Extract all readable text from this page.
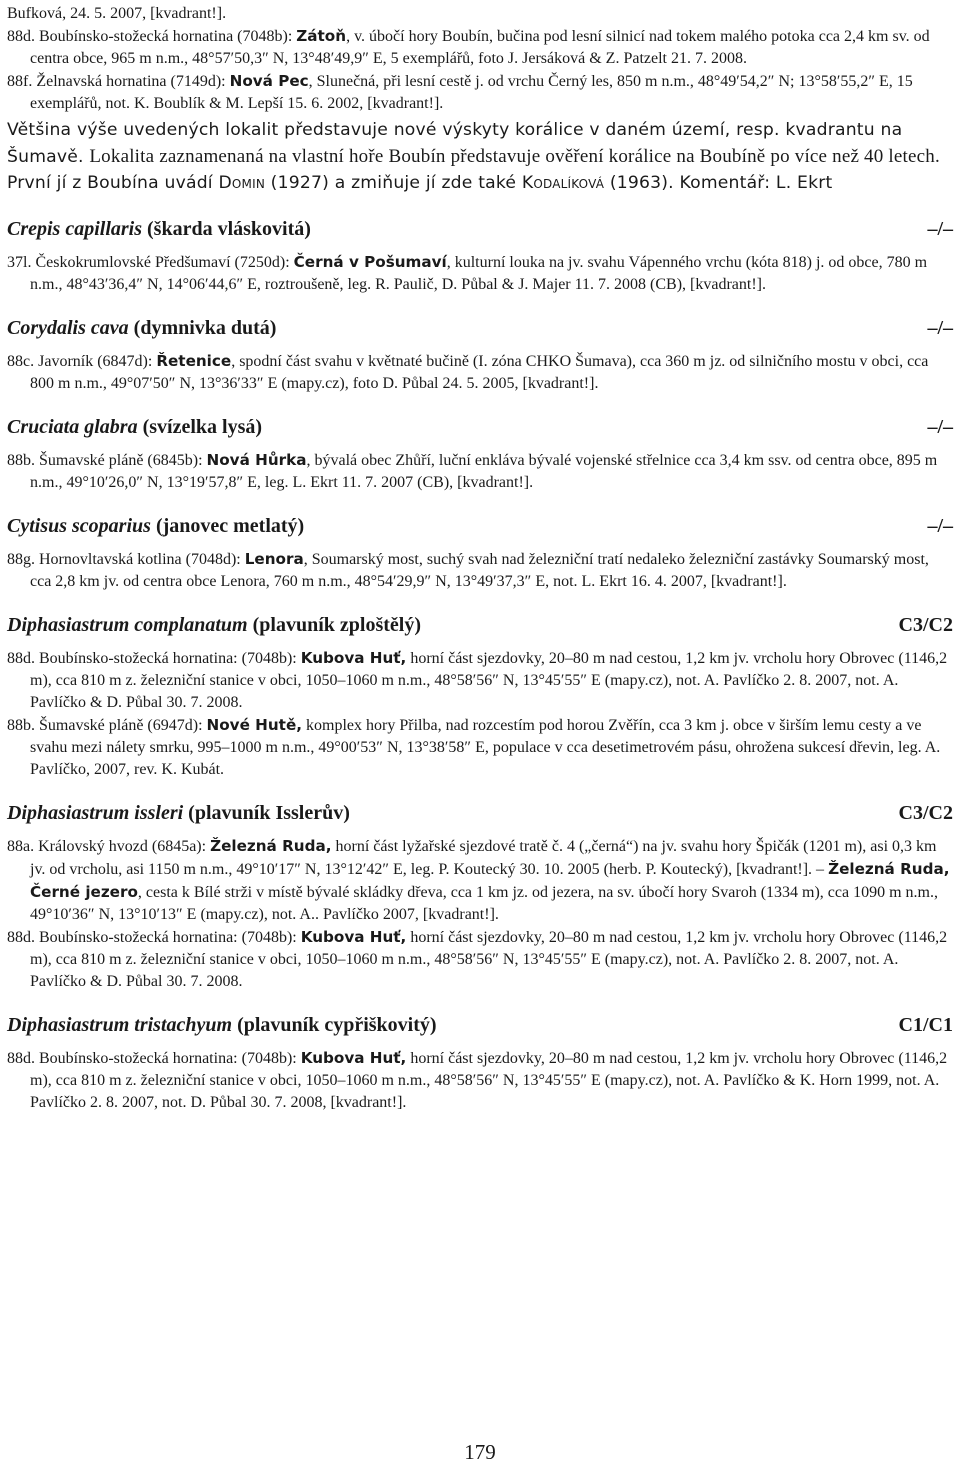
Bufková, 24. 5. 2007, [kvadrant!].

88d. Boubínsko-stožecká hornatina (7048b): Zátoň, v. úbočí hory Boubín, bučina pod lesní silnicí nad tokem malého potoka cca 2,4 km sv. od centra obce, 965 m n.m., 48°57′50,3″ N, 13°48′49,9″ E, 5 exemplářů, foto J. Jersáková & Z. Patzelt 21. 7. 2008.

88f. Želnavská hornatina (7149d): Nová Pec, Slunečná, při lesní cestě j. od vrchu Černý les, 850 m n.m., 48°49′54,2″ N; 13°58′55,2″ E, 15 exemplářů, not. K. Boublík & M. Lepší 15. 6. 2002, [kvadrant!].

Většina výše uvedených lokalit představuje nové výskyty korálice v daném území, resp. kvadrantu na Šumavě. Lokalita zaznamenaná na vlastní hoře Boubín představuje ověření korálice na Boubíně po více než 40 letech. První jí z Boubína uvádí Domin (1927) a zmiňuje jí zde také Kodalíková (1963). Komentář: L. Ekrt

Crepis capillaris (škarda vláskovitá)	–/–

37l. Českokrumlovské Předšumaví (7250d): Černá v Pošumaví, kulturní louka na jv. svahu Vápenného vrchu (kóta 818) j. od obce, 780 m n.m., 48°43′36,4″ N, 14°06′44,6″ E, roztroušeně, leg. R. Paulič, D. Půbal & J. Majer 11. 7. 2008 (CB), [kvadrant!].

Corydalis cava (dymnivka dutá)	–/–

88c. Javorník (6847d): Řetenice, spodní část svahu v květnaté bučině (I. zóna CHKO Šumava), cca 360 m jz. od silničního mostu v obci, cca 800 m n.m., 49°07′50″ N, 13°36′33″ E (mapy.cz), foto D. Půbal 24. 5. 2005, [kvadrant!].

Cruciata glabra (svízelka lysá)	–/–

88b. Šumavské pláně (6845b): Nová Hůrka, bývalá obec Zhůří, luční enkláva bývalé vojenské střelnice cca 3,4 km ssv. od centra obce, 895 m n.m., 49°10′26,0″ N, 13°19′57,8″ E, leg. L. Ekrt 11. 7. 2007 (CB), [kvadrant!].

Cytisus scoparius (janovec metlatý)	–/–

88g. Hornovltavská kotlina (7048d): Lenora, Soumarský most, suchý svah nad železniční tratí nedaleko železniční zastávky Soumarský most, cca 2,8 km jv. od centra obce Lenora, 760 m n.m., 48°54′29,9″ N, 13°49′37,3″ E, not. L. Ekrt 16. 4. 2007, [kvadrant!].

Diphasiastrum complanatum (plavuník zploštělý)	C3/C2

88d. Boubínsko-stožecká hornatina: (7048b): Kubova Huť, horní část sjezdovky, 20–80 m nad cestou, 1,2 km jv. vrcholu hory Obrovec (1146,2 m), cca 810 m z. železniční stanice v obci, 1050–1060 m n.m., 48°58′56″ N, 13°45′55″ E (mapy.cz), not. A. Pavlíčko 2. 8. 2007, not. A. Pavlíčko & D. Půbal 30. 7. 2008.

88b. Šumavské pláně (6947d): Nové Hutě, komplex hory Přilba, nad rozcestím pod horou Zvěřín, cca 3 km j. obce v širším lemu cesty a ve svahu mezi nálety smrku, 995–1000 m n.m., 49°00′53″ N, 13°38′58″ E, populace v cca desetimetrovém pásu, ohrožena sukcesí dřevin, leg. A. Pavlíčko, 2007, rev. K. Kubát.

Diphasiastrum issleri (plavuník Isslerův)	C3/C2

88a. Královský hvozd (6845a): Železná Ruda, horní část lyžařské sjezdové tratě č. 4 („černá“) na jv. svahu hory Špičák (1201 m), asi 0,3 km jv. od vrcholu, asi 1150 m n.m., 49°10′17″ N, 13°12′42″ E, leg. P. Koutecký 30. 10. 2005 (herb. P. Koutecký), [kvadrant!]. – Železná Ruda, Černé jezero, cesta k Bílé strži v místě bývalé skládky dřeva, cca 1 km jz. od jezera, na sv. úbočí hory Svaroh (1334 m), cca 1090 m n.m., 49°10′36″ N, 13°10′13″ E (mapy.cz), not. A.. Pavlíčko 2007, [kvadrant!].

88d. Boubínsko-stožecká hornatina: (7048b): Kubova Huť, horní část sjezdovky, 20–80 m nad cestou, 1,2 km jv. vrcholu hory Obrovec (1146,2 m), cca 810 m z. železniční stanice v obci, 1050–1060 m n.m., 48°58′56″ N, 13°45′55″ E (mapy.cz), not. A. Pavlíčko 2. 8. 2007, not. A. Pavlíčko & D. Půbal 30. 7. 2008.

Diphasiastrum tristachyum (plavuník cypřiškovitý)	C1/C1

88d. Boubínsko-stožecká hornatina: (7048b): Kubova Huť, horní část sjezdovky, 20–80 m nad cestou, 1,2 km jv. vrcholu hory Obrovec (1146,2 m), cca 810 m z. železniční stanice v obci, 1050–1060 m n.m., 48°58′56″ N, 13°45′55″ E (mapy.cz), not. A. Pavlíčko & K. Horn 1999, not. A. Pavlíčko 2. 8. 2007, not. D. Půbal 30. 7. 2008, [kvadrant!].

179
